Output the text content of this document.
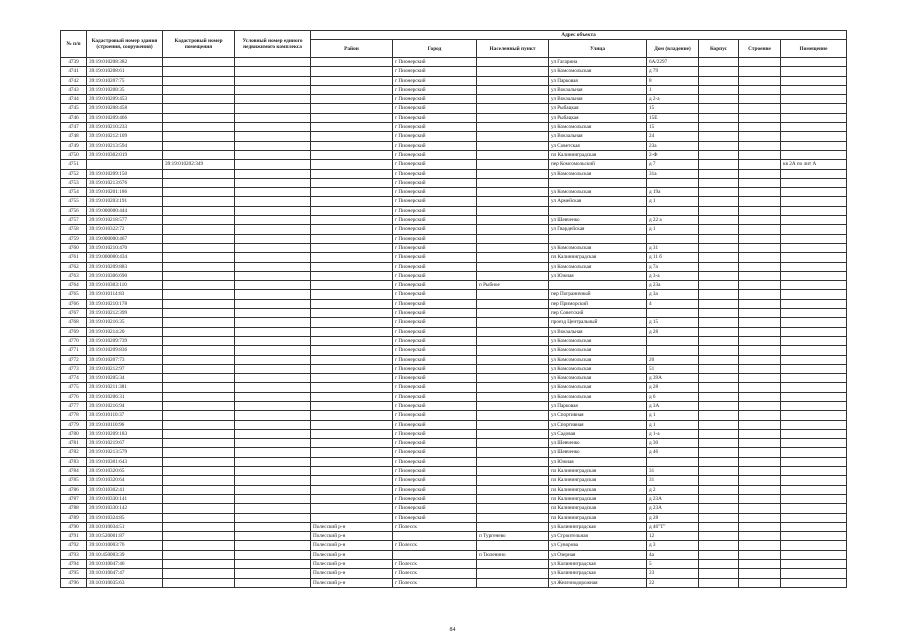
№ п/п	Кадастровый номер здания (строения, сооружения)	Кадастровый номер помещения	Условный номер единого недвижимого комплекса	Адрес объекта							
				Район	Город	Населенный пункт	Улица	Дом (владение)	Корпус	Строение	Помещение
4739	39:19:010208:382				г Пионерский		ул Гагарина	6А/2297			
4741	39:19:010208:61				г Пионерский		ул Комсомольская	д 79			
4742	39:19:010207:75				г Пионерский		ул Парковая	8			
4743	39:19:010208:35				г Пионерский		ул Вокзальная	1			
4744	39:19:010209:453				г Пионерский		ул Вокзальная	д 2-а			
4745	39:19:010208:458				г Пионерский		ул Рыбацкая	15			
4746	39:19:010209:466				г Пионерский		ул Рыбацкая	15Е			
4747	39:19:010210:233				г Пионерский		ул Комсомольская	15			
4748	39:19:010212:109				г Пионерский		ул Вокзальная	24			
4749	39:19:010213:594				г Пионерский		ул Советская	23а			
4750	39:19:010302:019				г Пионерский		пл Калининградская	2-Ф			
4751		39:19:010202:349			г Пионерский		пер Комсомольский	д 7			кв 2А по лит А
4752	39:19:010209:150				г Пионерский		ул Комсомольская	31а			
4753	39:19:010213:676				г Пионерский						
4754	39:19:010201:186				г Пионерский		ул Комсомольская	д 19а			
4755	39:19:010203:191				г Пионерский		ул Армейская	д 1			
4756	39:19:000000:444				г Пионерский						
4757	39:19:010218:577				г Пионерский		ул Шевченко	д 22 а			
4758	39:19:010322:72				г Пионерский		ул Гвардейская	д 1			
4759	39:19:000000:467				г Пионерский						
4760	39:19:010210:470				г Пионерский		ул Комсомольская	д 31			
4761	39:19:000000:434				г Пионерский		пл Калининградская	д 11 б			
4762	39:19:010209:883				г Пионерский		ул Комсомольская	д 7а			
4763	39:19:010306:690				г Пионерский		ул Южная	д 3-а			
4764	39:19:010303:110				г Пионерский	п Рыбное		д 23а			
4765	39:19:010114:83				г Пионерский		пер Пограничный	д 3а			
4766	39:19:010210:178				г Пионерский		пер Приморский	4			
4767	39:19:010212:399				г Пионерский		пер Советский				
4768	39:19:010216:35				г Пионерский		проезд Центральный	д 15			
4769	39:19:010214:20				г Пионерский		ул Вокзальная	д 28			
4770	39:19:010209:739				г Пионерский		ул Комсомольская				
4771	39:19:010209:836				г Пионерский		ул Комсомольская				
4772	39:19:010207:73				г Пионерский		ул Комсомольская	20			
4773	39:19:010212:97				г Пионерский		ул Комсомольская	51			
4774	39:19:010205:34				г Пионерский		ул Комсомольская	д 39А			
4775	39:19:010211:381				г Пионерский		ул Комсомольская	д 28			
4776	39:19:010206:31				г Пионерский		ул Комсомольская	д 6			
4777	39:19:010216:94				г Пионерский		ул Парковая	д 3А			
4778	39:19:010110:37				г Пионерский		ул Спортивная	д 1			
4779	39:19:010110:96				г Пионерский		ул Спортивная	д 1			
4780	39:19:010209:183				г Пионерский		ул Садовая	д 1-а			
4781	39:19:010219:67				г Пионерский		ул Шевченко	д 30			
4782	39:19:010213:579				г Пионерский		ул Шевченко	д 46			
4783	39:19:010301:643				г Пионерский		ул Южная				
4784	39:19:010320:65				г Пионерский		пл Калининградская	31			
4785	39:19:010320:64				г Пионерский		пл Калининградская	31			
4786	39:19:010302:41				г Пионерский		пл Калининградская	д 2			
4787	39:19:010330:141				г Пионерский		пл Калининградская	д 23А			
4788	39:19:010330:142				г Пионерский		пл Калининградская	д 23А			
4789	39:19:010324:85				г Пионерский		пл Калининградская	д 28			
4790	39:10:010034:51			Полесский р-н	г Полесск		ул Калининградская	д 46"Т"			
4791	39:10:520001:87			Полесский р-н		п Тургенево	ул Строительная	12			
4792	39:10:010003:76			Полесский р-н	г Полесск		ул Суворова	д 3			
4793	39:10:450003:39			Полесский р-н		п Тюленино	ул Озерная	4а			
4794	39:10:010047:46			Полесский р-н	г Полесск		ул Калининградская	5			
4795	39:10:010047:47			Полесский р-н	г Полесск		ул Калининградская	23			
4796	39:10:010035:63			Полесский р-н	г Полесск		ул Железнодорожная	22			
84
